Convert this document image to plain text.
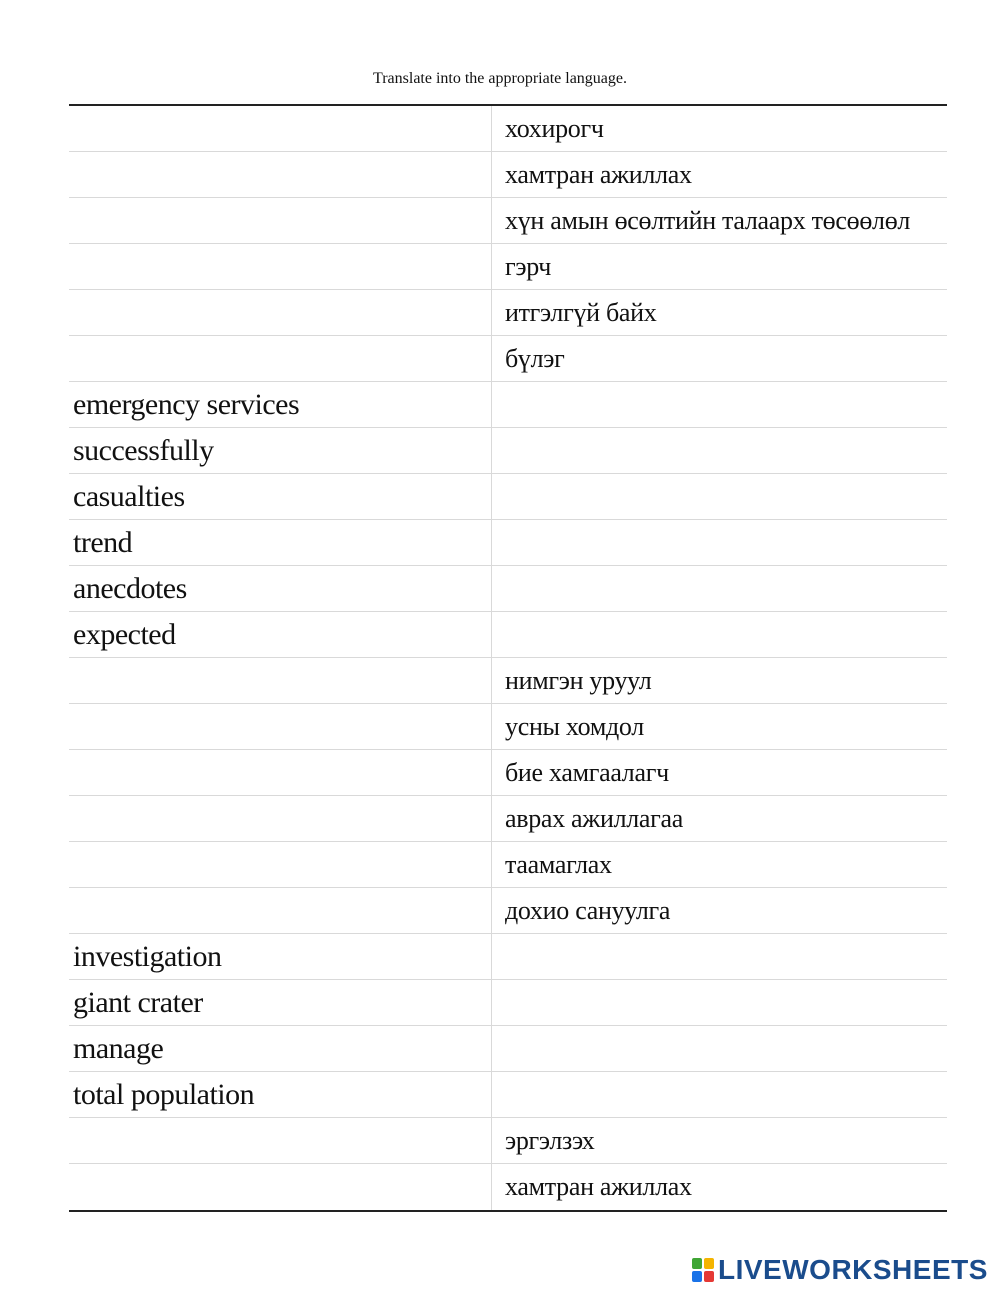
Translate into the appropriate language.
хохирогч
хамтран ажиллах
хүн амын өсөлтийн талаарх төсөөлөл
гэрч
итгэлгүй байх
бүлэг
emergency services
successfully
casualties
trend
anecdotes
expected
нимгэн уруул
усны хомдол
бие хамгаалагч
аврах ажиллагаа
таамаглах
дохио сануулга
investigation
giant crater
manage
total population
эргэлзэх
хамтран ажиллах
LIVEWORKSHEETS
